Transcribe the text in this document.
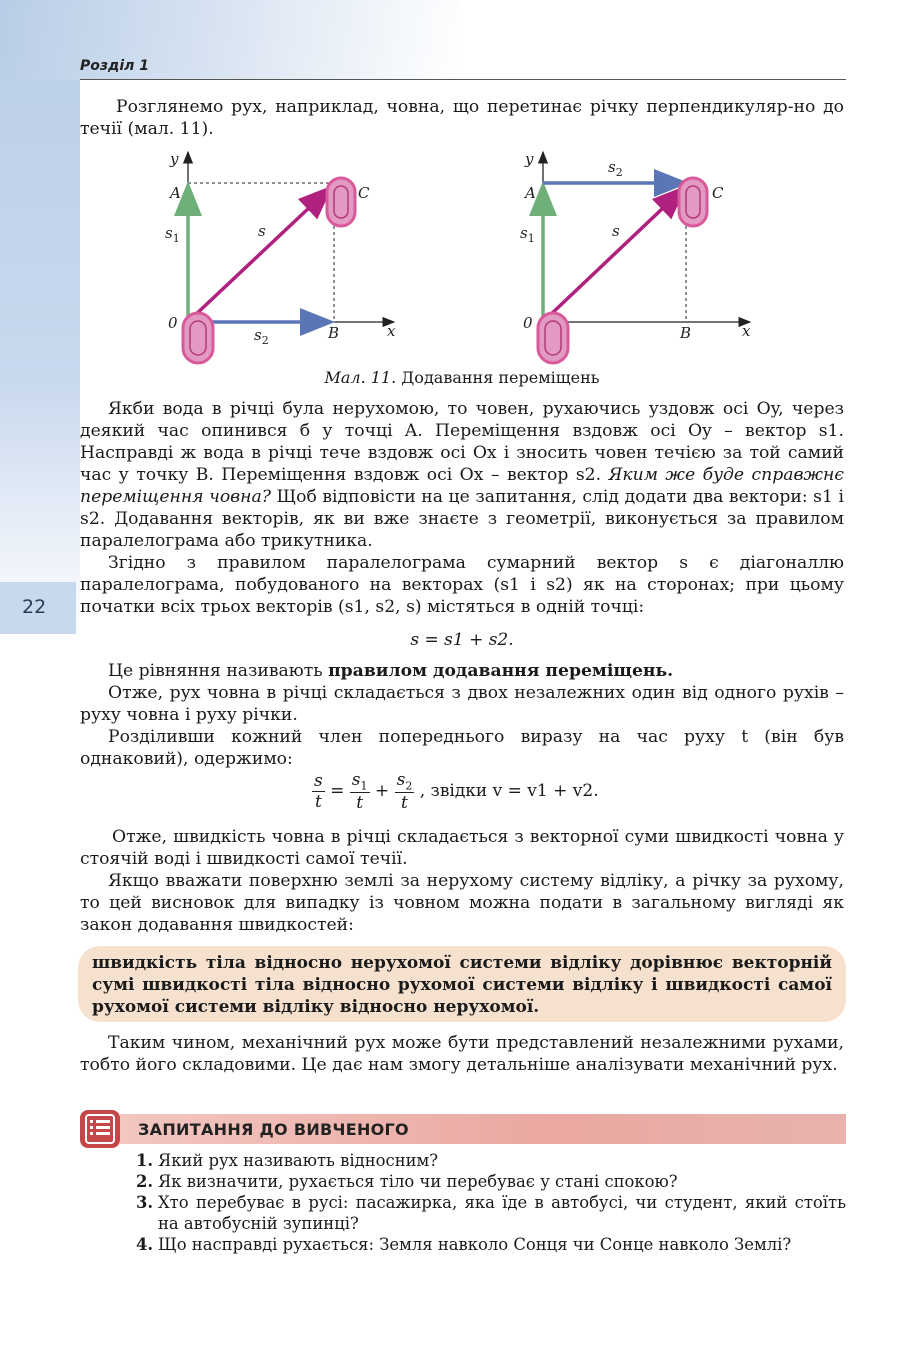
22
Розділ 1

Розглянемо рух, наприклад, човна, що перетинає річку перпендикуляр-но до течії (мал. 11).

y
A
$s_1$	s
C
0
$s_2$	B	x
y
A
$s_1$	s
$s_2$
C
0
B	x
Мал. 11. Додавання переміщень

Якби вода в річці була нерухомою, то човен, рухаючись уздовж осі Oy, через деякий час опинився б у точці A. Переміщення вздовж осі Oy – вектор s1. Насправді ж вода в річці тече вздовж осі Ox і зносить човен течією за той самий час у точку B. Переміщення вздовж осі Ox – вектор s2. Яким же буде справжнє переміщення човна? Щоб відповісти на це запитання, слід додати два вектори: s1 і s2. Додавання векторів, як ви вже знаєте з геометрії, виконується за правилом паралелограма або трикутника.

Згідно з правилом паралелограма сумарний вектор s є діагоналлю паралелограма, побудованого на векторах (s1 і s2) як на сторонах; при цьому початки всіх трьох векторів (s1, s2, s) містяться в одній точці:

s = s1 + s2.

Це рівняння називають правилом додавання переміщень.

Отже, рух човна в річці складається з двох незалежних один від одного рухів – руху човна і руху річки.

Розділивши кожний член попереднього виразу на час руху t (він був однаковий), одержимо:

$\frac{s}{t} = \frac{s_1}{t} + \frac{s_2}{t}$ , звідки v = v1 + v2.

Отже, швидкість човна в річці складається з векторної суми швидкості човна у стоячій воді і швидкості самої течії.

Якщо вважати поверхню землі за нерухому систему відліку, а річку за рухому, то цей висновок для випадку із човном можна подати в загальному вигляді як закон додавання швидкостей:

швидкість тіла відносно нерухомої системи відліку дорівнює векторній сумі швидкості тіла відносно рухомої системи відліку і швидкості самої рухомої системи відліку відносно нерухомої.

Таким чином, механічний рух може бути представлений незалежними рухами, тобто його складовими. Це дає нам змогу детальніше аналізувати механічний рух.

ЗАПИТАННЯ ДО ВИВЧЕНОГО
1. Який рух називають відносним?
2. Як визначити, рухається тіло чи перебуває у стані спокою?
3. Хто перебуває в русі: пасажирка, яка їде в автобусі, чи студент, який стоїть на автобусній зупинці?
4. Що насправді рухається: Земля навколо Сонця чи Сонце навколо Землі?
